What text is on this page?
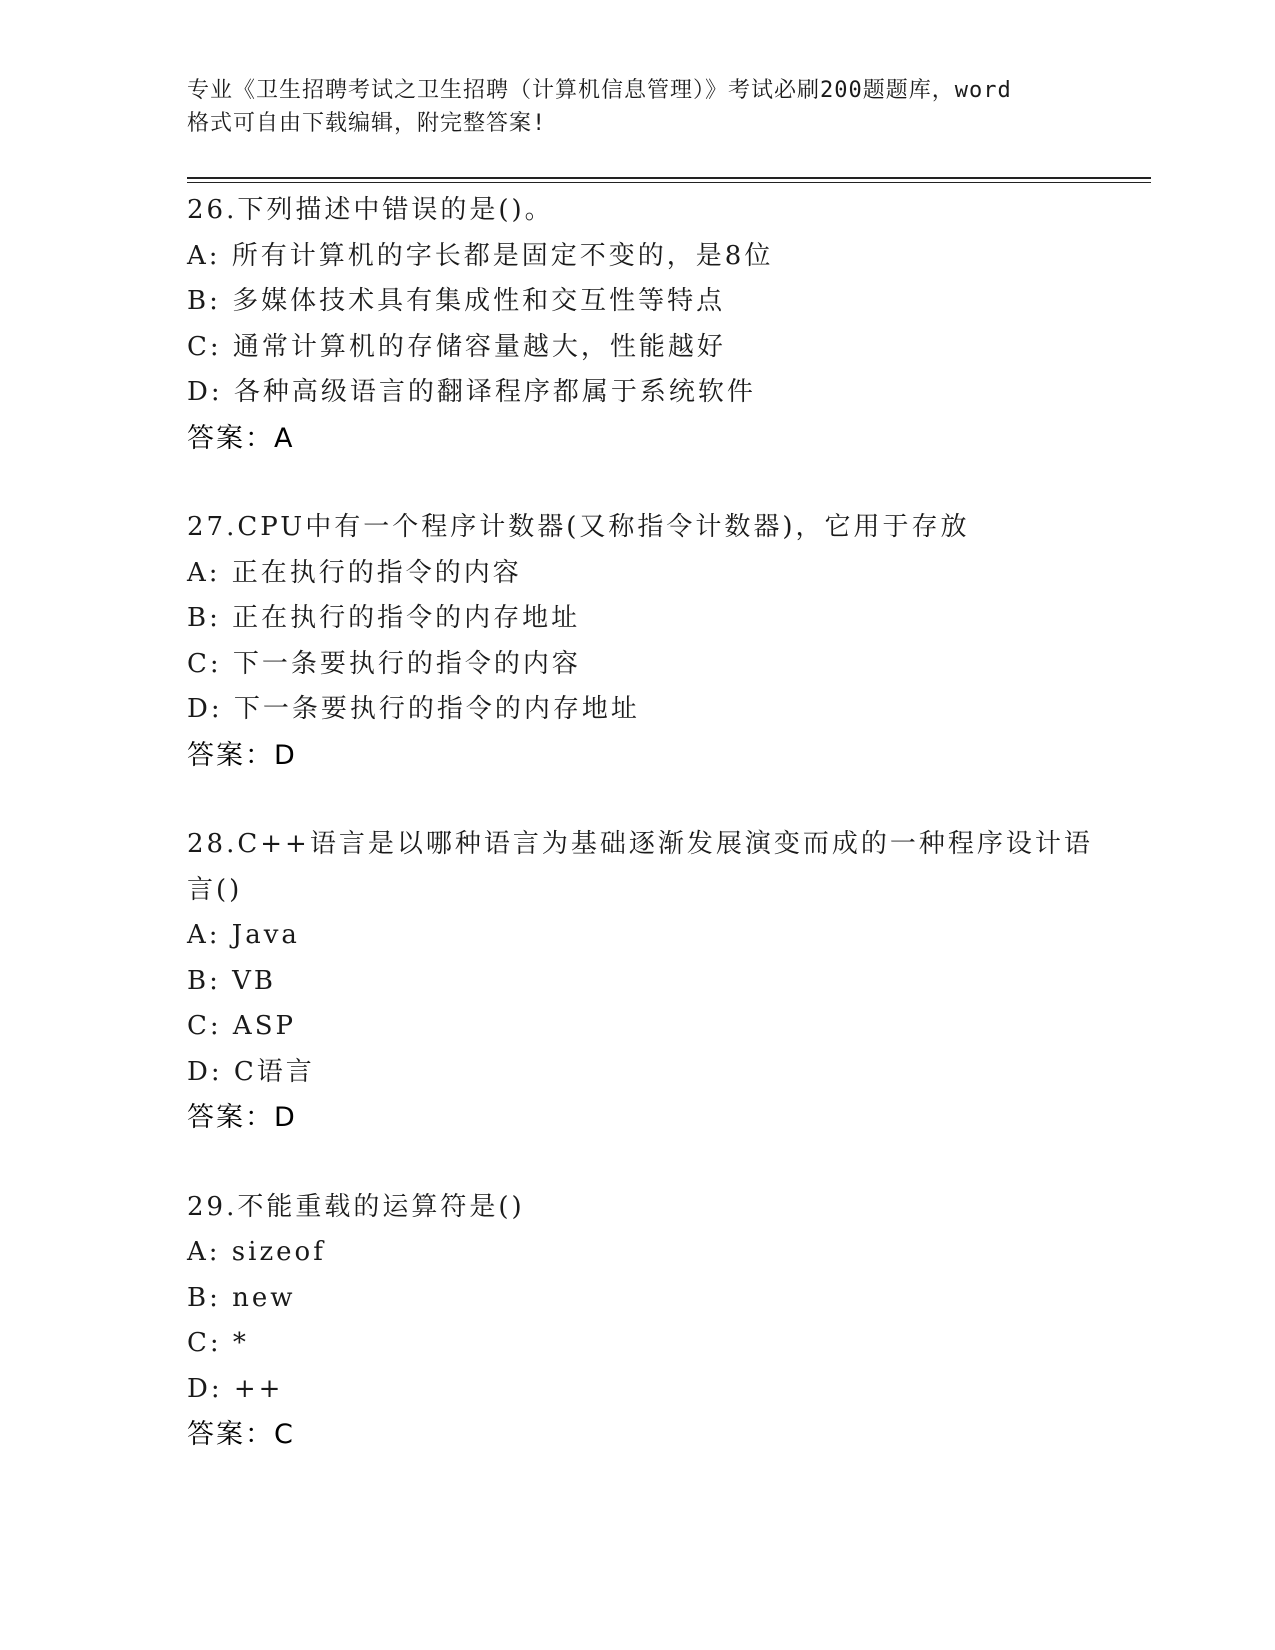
专业《卫生招聘考试之卫生招聘（计算机信息管理）》考试必刷200题题库，word
格式可自由下载编辑，附完整答案!
26.下列描述中错误的是()。
A: 所有计算机的字长都是固定不变的，是8位
B: 多媒体技术具有集成性和交互性等特点
C: 通常计算机的存储容量越大，性能越好
D: 各种高级语言的翻译程序都属于系统软件
答案：A
27.CPU中有一个程序计数器(又称指令计数器)，它用于存放
A: 正在执行的指令的内容
B: 正在执行的指令的内存地址
C: 下一条要执行的指令的内容
D: 下一条要执行的指令的内存地址
答案：D
28.C++语言是以哪种语言为基础逐渐发展演变而成的一种程序设计语言()
A: Java
B: VB
C: ASP
D: C语言
答案：D
29.不能重载的运算符是()
A: sizeof
B: new
C: *
D: ++
答案：C
